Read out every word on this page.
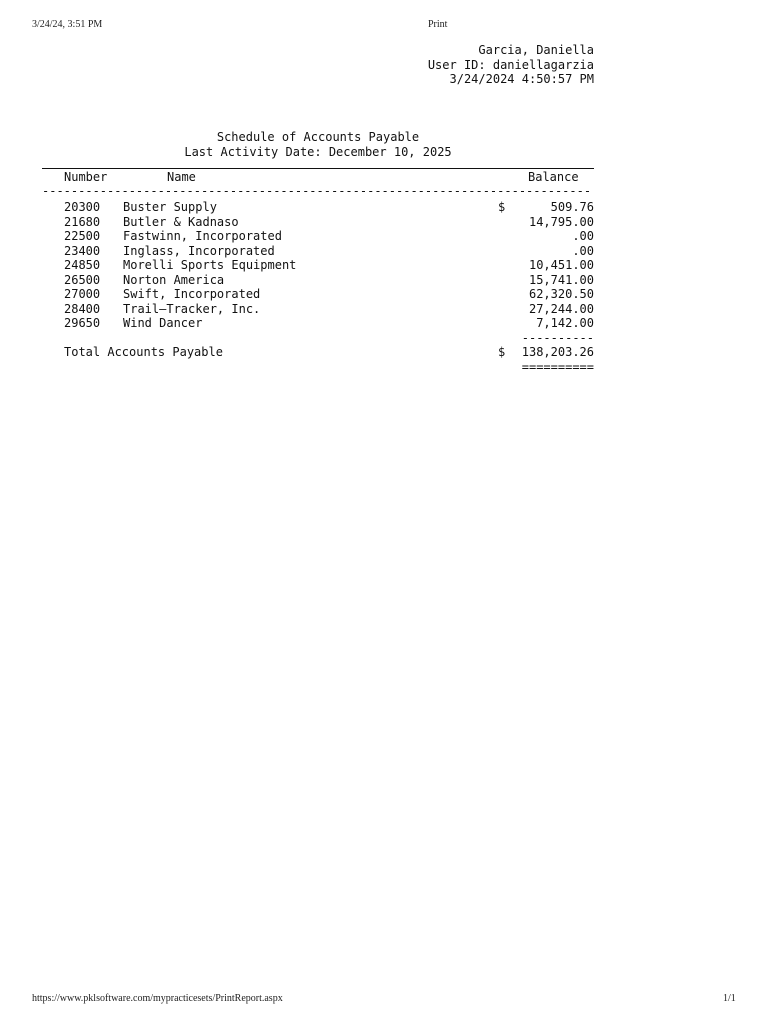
3/24/24, 3:51 PM	Print
Garcia, Daniella
User ID: daniellagarzia
3/24/2024 4:50:57 PM
Schedule of Accounts Payable
Last Activity Date: December 10, 2025
Number	Name	Balance
----------------------------------------------------------------------------
20300 Buster Supply	$	509.76
21680 Butler & Kadnaso	14,795.00
22500 Fastwinn, Incorporated	.00
23400 Inglass, Incorporated	.00
24850 Morelli Sports Equipment	10,451.00
26500 Norton America	15,741.00
27000 Swift, Incorporated	62,320.50
28400 Trail—Tracker, Inc.	27,244.00
29650 Wind Dancer	7,142.00
----------
Total Accounts Payable	$ 138,203.26
==========
https://www.pklsoftware.com/mypracticesets/PrintReport.aspx	1/1
